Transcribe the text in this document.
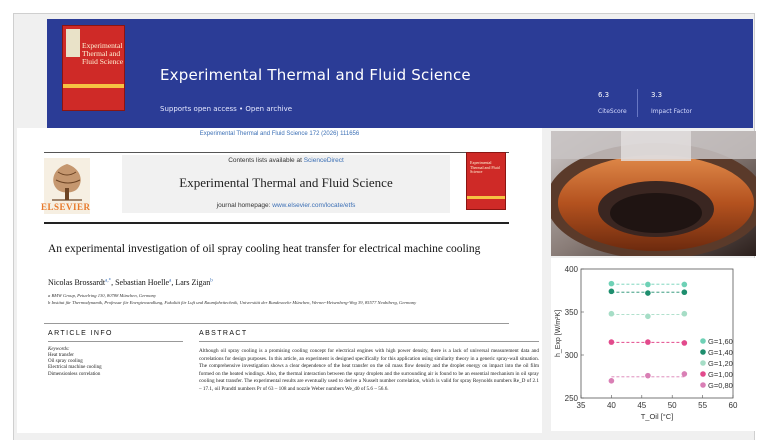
Experimental Thermal and Fluid Science
Experimental Thermal and Fluid Science
Supports open access • Open archive
6.3
CiteScore
3.3
Impact Factor
Experimental Thermal and Fluid Science 172 (2026) 111656
ELSEVIER
Contents lists available at ScienceDirect
Experimental Thermal and Fluid Science
journal homepage: www.elsevier.com/locate/etfs
Experimental Thermal and Fluid Science
An experimental investigation of oil spray cooling heat transfer for electrical machine cooling
Nicolas Brossardt$^{a,*}$, Sebastian Hoelle$^a$, Lars Zigan$^b$
a BMW Group, Petuelring 130, 80788 München, Germany
b Institut für Thermodynamik, Professur für Energiewandlung, Fakultät für Luft und Raumfahrttechnik, Universität der Bundeswehr München, Werner-Heisenberg-Weg 39, 85577 Neubiberg, Germany
ARTICLE INFO	ABSTRACT
Keywords:
Heat transfer
Oil spray cooling
Electrical machine cooling
Dimensionless correlation
Although oil spray cooling is a promising cooling concept for electrical engines with high power density, there is a lack of universal measurement data and correlations for design purposes. In this article, an experiment is designed specifically for this application using similarity theory in a generic spray-wall situation. The comprehensive investigation shows a clear dependence of the heat transfer on the oil mass flow density and the droplet energy on impact into the oil film formed on the heated windings. Also, the thermal interaction between the spray droplets and the surrounding air is found to be an essential mechanism in oil spray cooling heat transfer. The experimental results are eventually used to derive a Nusselt number correlation, which is valid for spray Reynolds numbers Re_D of 2.1 – 17.1, oil Prandtl numbers Pr of 63 – 108 and nozzle Weber numbers We_d0 of 5.6 – 56.6.
250
300
350
400
35	40	45	50	55	60
T_Oil [°C]
h_Exp [W/m²K]	G=1,60
G=1,40
G=1,20
G=1,00
G=0,80
